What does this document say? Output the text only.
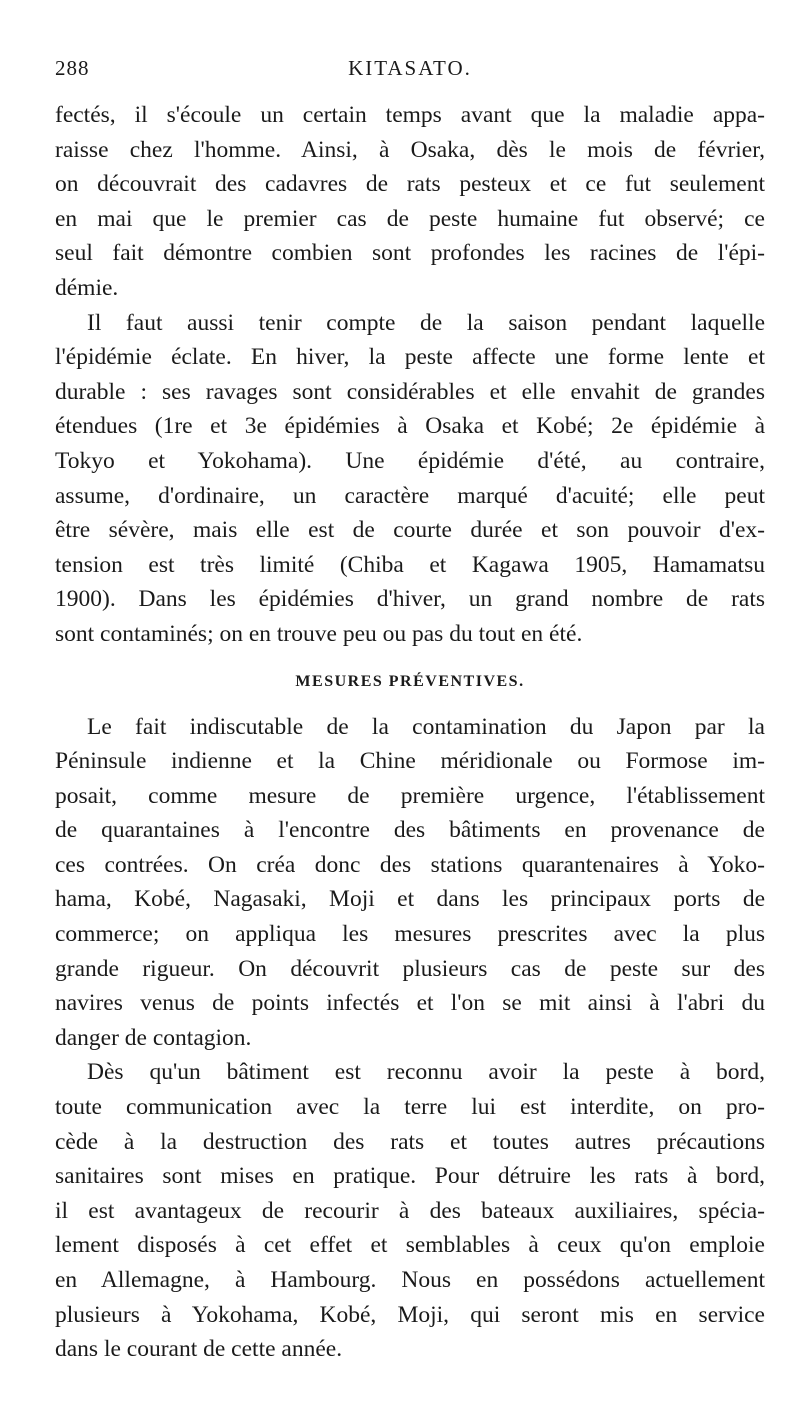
288	KITASATO.
fectés, il s'écoule un certain temps avant que la maladie appa-
raisse chez l'homme. Ainsi, à Osaka, dès le mois de février,
on découvrait des cadavres de rats pesteux et ce fut seulement
en mai que le premier cas de peste humaine fut observé; ce
seul fait démontre combien sont profondes les racines de l'épi-
démie.
Il faut aussi tenir compte de la saison pendant laquelle
l'épidémie éclate. En hiver, la peste affecte une forme lente et
durable : ses ravages sont considérables et elle envahit de grandes
étendues (1re et 3e épidémies à Osaka et Kobé; 2e épidémie à
Tokyo et Yokohama). Une épidémie d'été, au contraire,
assume, d'ordinaire, un caractère marqué d'acuité; elle peut
être sévère, mais elle est de courte durée et son pouvoir d'ex-
tension est très limité (Chiba et Kagawa 1905, Hamamatsu
1900). Dans les épidémies d'hiver, un grand nombre de rats
sont contaminés; on en trouve peu ou pas du tout en été.
MESURES PRÉVENTIVES.
Le fait indiscutable de la contamination du Japon par la
Péninsule indienne et la Chine méridionale ou Formose im-
posait, comme mesure de première urgence, l'établissement
de quarantaines à l'encontre des bâtiments en provenance de
ces contrées. On créa donc des stations quarantenaires à Yoko-
hama, Kobé, Nagasaki, Moji et dans les principaux ports de
commerce; on appliqua les mesures prescrites avec la plus
grande rigueur. On découvrit plusieurs cas de peste sur des
navires venus de points infectés et l'on se mit ainsi à l'abri du
danger de contagion.
Dès qu'un bâtiment est reconnu avoir la peste à bord,
toute communication avec la terre lui est interdite, on pro-
cède à la destruction des rats et toutes autres précautions
sanitaires sont mises en pratique. Pour détruire les rats à bord,
il est avantageux de recourir à des bateaux auxiliaires, spécia-
lement disposés à cet effet et semblables à ceux qu'on emploie
en Allemagne, à Hambourg. Nous en possédons actuellement
plusieurs à Yokohama, Kobé, Moji, qui seront mis en service
dans le courant de cette année.
